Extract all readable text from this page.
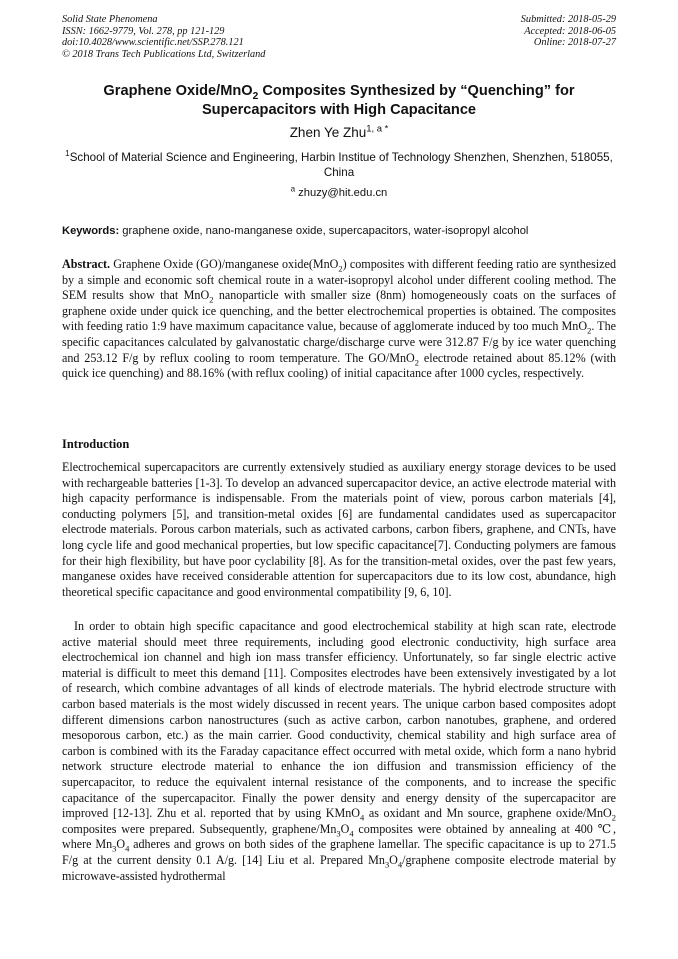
Solid State Phenomena
ISSN: 1662-9779, Vol. 278, pp 121-129
doi:10.4028/www.scientific.net/SSP.278.121
© 2018 Trans Tech Publications Ltd, Switzerland
Submitted: 2018-05-29
Accepted: 2018-06-05
Online: 2018-07-27
Graphene Oxide/MnO$_2$ Composites Synthesized by “Quenching” for Supercapacitors with High Capacitance
Zhen Ye Zhu$^{1, a *}$
$^1$School of Material Science and Engineering, Harbin Institue of Technology Shenzhen, Shenzhen, 518055, China
$^a$ zhuzy@hit.edu.cn
Keywords: graphene oxide, nano-manganese oxide, supercapacitors, water-isopropyl alcohol
Abstract. Graphene Oxide (GO)/manganese oxide(MnO$_2$) composites with different feeding ratio are synthesized by a simple and economic soft chemical route in a water-isopropyl alcohol under different cooling method. The SEM results show that MnO$_2$ nanoparticle with smaller size (8nm) homogeneously coats on the surfaces of graphene oxide under quick ice quenching, and the better electrochemical properties is obtained. The composites with feeding ratio 1:9 have maximum capacitance value, because of agglomerate induced by too much MnO$_2$. The specific capacitances calculated by galvanostatic charge/discharge curve were 312.87 F/g by ice water quenching and 253.12 F/g by reflux cooling to room temperature. The GO/MnO$_2$ electrode retained about 85.12% (with quick ice quenching) and 88.16% (with reflux cooling) of initial capacitance after 1000 cycles, respectively.
Introduction
Electrochemical supercapacitors are currently extensively studied as auxiliary energy storage devices to be used with rechargeable batteries [1-3]. To develop an advanced supercapacitor device, an active electrode material with high capacity performance is indispensable. From the materials point of view, porous carbon materials [4], conducting polymers [5], and transition-metal oxides [6] are fundamental candidates used as supercapacitor electrode materials. Porous carbon materials, such as activated carbons, carbon fibers, graphene, and CNTs, have long cycle life and good mechanical properties, but low specific capacitance[7]. Conducting polymers are famous for their high flexibility, but have poor cyclability [8]. As for the transition-metal oxides, over the past few years, manganese oxides have received considerable attention for supercapacitors due to its low cost, abundance, high theoretical specific capacitance and good environmental compatibility [9, 6, 10].
In order to obtain high specific capacitance and good electrochemical stability at high scan rate, electrode active material should meet three requirements, including good electronic conductivity, high surface area electrochemical ion channel and high ion mass transfer efficiency. Unfortunately, so far single electric active material is difficult to meet this demand [11]. Composites electrodes have been extensively investigated by a lot of research, which combine advantages of all kinds of electrode materials. The hybrid electrode structure with carbon based materials is the most widely discussed in recent years. The unique carbon based composites adopt different dimensions carbon nanostructures (such as active carbon, carbon nanotubes, graphene, and ordered mesoporous carbon, etc.) as the main carrier. Good conductivity, chemical stability and high surface area of carbon is combined with its the Faraday capacitance effect occurred with metal oxide, which form a nano hybrid network structure electrode material to enhance the ion diffusion and transmission efficiency of the supercapacitor, to reduce the equivalent internal resistance of the components, and to increase the specific capacitance of the supercapacitor. Finally the power density and energy density of the supercapacitor are improved [12-13]. Zhu et al. reported that by using KMnO$_4$ as oxidant and Mn source, graphene oxide/MnO$_2$ composites were prepared. Subsequently, graphene/$Mn_3O_4$ composites were obtained by annealing at 400 ℃, where $Mn_3O_4$ adheres and grows on both sides of the graphene lamellar. The specific capacitance is up to 271.5 F/g at the current density 0.1 A/g. [14] Liu et al. Prepared $Mn_3O_4$/graphene composite electrode material by microwave-assisted hydrothermal
